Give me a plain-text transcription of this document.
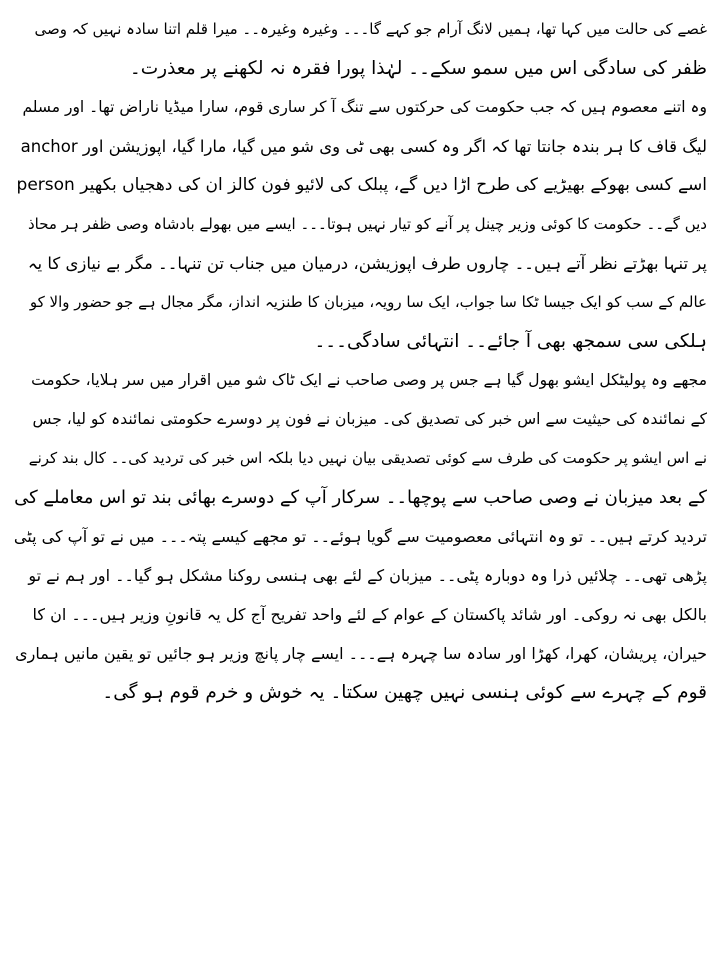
غصے کی حالت میں کہا تھا، ہمیں لانگ آرام جو کہے گا۔۔۔ وغیرہ وغیرہ۔۔ میرا قلم اتنا سادہ نہیں کہ وصی
ظفر کی سادگی اس میں سمو سکے۔۔ لہٰذا پورا فقرہ نہ لکھنے پر معذرت۔
وہ اتنے معصوم ہیں کہ جب حکومت کی حرکتوں سے تنگ آ کر ساری قوم، سارا میڈیا ناراض تھا۔ اور مسلم
لیگ قاف کا ہر بندہ جانتا تھا کہ اگر وہ کسی بھی ٹی وی شو میں گیا، مارا گیا، اپوزیشن اور anchor
person اسے کسی بھوکے بھیڑیے کی طرح اڑا دیں گے، پبلک کی لائیو فون کالز ان کی دھجیاں بکھیر
دیں گے۔۔ حکومت کا کوئی وزیر چینل پر آنے کو تیار نہیں ہوتا۔۔۔ ایسے میں بھولے بادشاہ وصی ظفر ہر محاذ
پر تنہا بھڑتے نظر آتے ہیں۔۔ چاروں طرف اپوزیشن، درمیان میں جناب تن تنہا۔۔ مگر بے نیازی کا یہ
عالم کے سب کو ایک جیسا ٹکا سا جواب، ایک سا رویہ، میزبان کا طنزیہ انداز، مگر مجال ہے جو حضور والا کو
ہلکی سی سمجھ بھی آ جائے۔۔ انتہائی سادگی۔۔۔
مجھے وہ پولیٹکل ایشو بھول گیا ہے جس پر وصی صاحب نے ایک ٹاک شو میں اقرار میں سر ہلایا، حکومت
کے نمائندہ کی حیثیت سے اس خبر کی تصدیق کی۔ میزبان نے فون پر دوسرے حکومتی نمائندہ کو لیا، جس
نے اس ایشو پر حکومت کی طرف سے کوئی تصدیقی بیان نہیں دیا بلکہ اس خبر کی تردید کی۔۔ کال بند کرنے
کے بعد میزبان نے وصی صاحب سے پوچھا۔۔ سرکار آپ کے دوسرے بھائی بند تو اس معاملے کی
تردید کرتے ہیں۔۔ تو وہ انتہائی معصومیت سے گویا ہوئے۔۔ تو مجھے کیسے پتہ۔۔۔ میں نے تو آپ کی پٹی
پڑھی تھی۔۔ چلائیں ذرا وہ دوبارہ پٹی۔۔ میزبان کے لئے بھی ہنسی روکنا مشکل ہو گیا۔۔ اور ہم نے تو
بالکل بھی نہ روکی۔ اور شائد پاکستان کے عوام کے لئے واحد تفریح آج کل یہ قانونِ وزیر ہیں۔۔۔ ان کا
حیران، پریشان، کھرا، کھڑا اور سادہ سا چہرہ ہے۔۔۔ ایسے چار پانچ وزیر ہو جائیں تو یقین مانیں ہماری
قوم کے چہرے سے کوئی ہنسی نہیں چھین سکتا۔ یہ خوش و خرم قوم ہو گی۔
